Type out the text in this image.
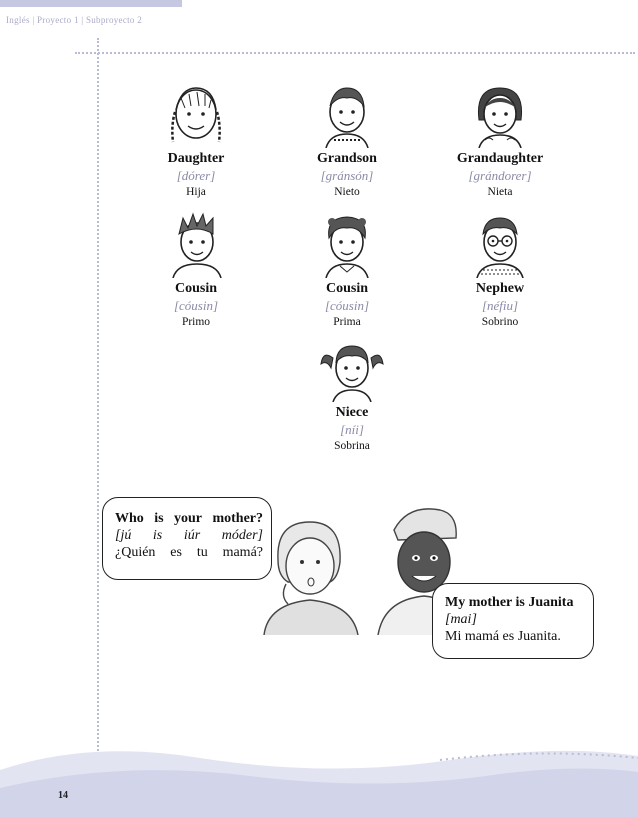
Inglés | Proyecto 1 | Subproyecto 2
Daughter
[dórer]
Hija
Grandson
[gránsón]
Nieto
Grandaughter
[grándorer]
Nieta
Cousin
[cóusin]
Primo
Cousin
[cóusin]
Prima
Nephew
[néfiu]
Sobrino
Niece
[níi]
Sobrina
Who is your mother?
[jú is iúr móder]
¿Quién es tu mamá?
My mother is Juanita
[mai]
Mi mamá es Juanita.
14
